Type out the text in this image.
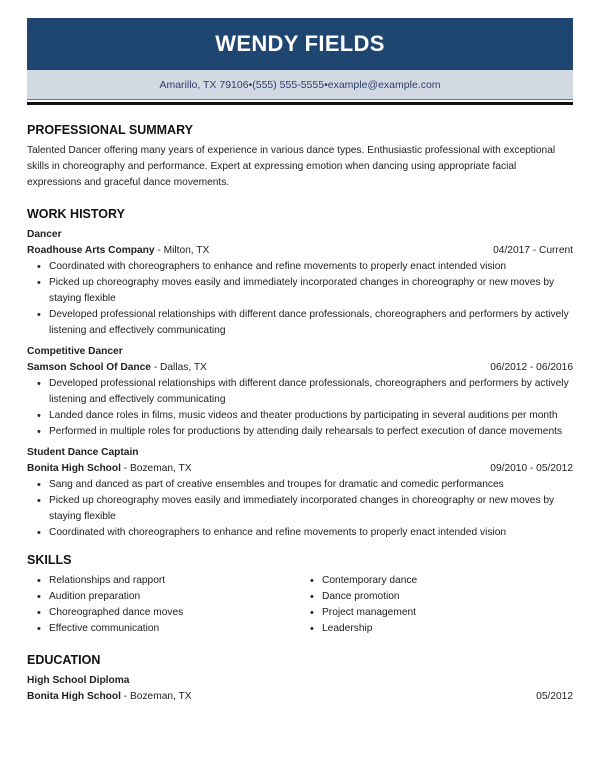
WENDY FIELDS
Amarillo, TX 79106 • (555) 555-5555 • example@example.com
PROFESSIONAL SUMMARY

Talented Dancer offering many years of experience in various dance types. Enthusiastic professional with exceptional skills in choreography and performance. Expert at expressing emotion when dancing using appropriate facial expressions and graceful dance movements.

WORK HISTORY
Dancer
Roadhouse Arts Company - Milton, TX	04/2017 - Current
• Coordinated with choreographers to enhance and refine movements to properly enact intended vision
• Picked up choreography moves easily and immediately incorporated changes in choreography or new moves by staying flexible
• Developed professional relationships with different dance professionals, choreographers and performers by actively listening and effectively communicating
Competitive Dancer
Samson School Of Dance - Dallas, TX	06/2012 - 06/2016
• Developed professional relationships with different dance professionals, choreographers and performers by actively listening and effectively communicating
• Landed dance roles in films, music videos and theater productions by participating in several auditions per month
• Performed in multiple roles for productions by attending daily rehearsals to perfect execution of dance movements
Student Dance Captain
Bonita High School - Bozeman, TX	09/2010 - 05/2012
• Sang and danced as part of creative ensembles and troupes for dramatic and comedic performances
• Picked up choreography moves easily and immediately incorporated changes in choreography or new moves by staying flexible
• Coordinated with choreographers to enhance and refine movements to properly enact intended vision
SKILLS
• Relationships and rapport
• Audition preparation
• Choreographed dance moves
• Effective communication
• Contemporary dance
• Dance promotion
• Project management
• Leadership
EDUCATION
High School Diploma
Bonita High School - Bozeman, TX	05/2012
